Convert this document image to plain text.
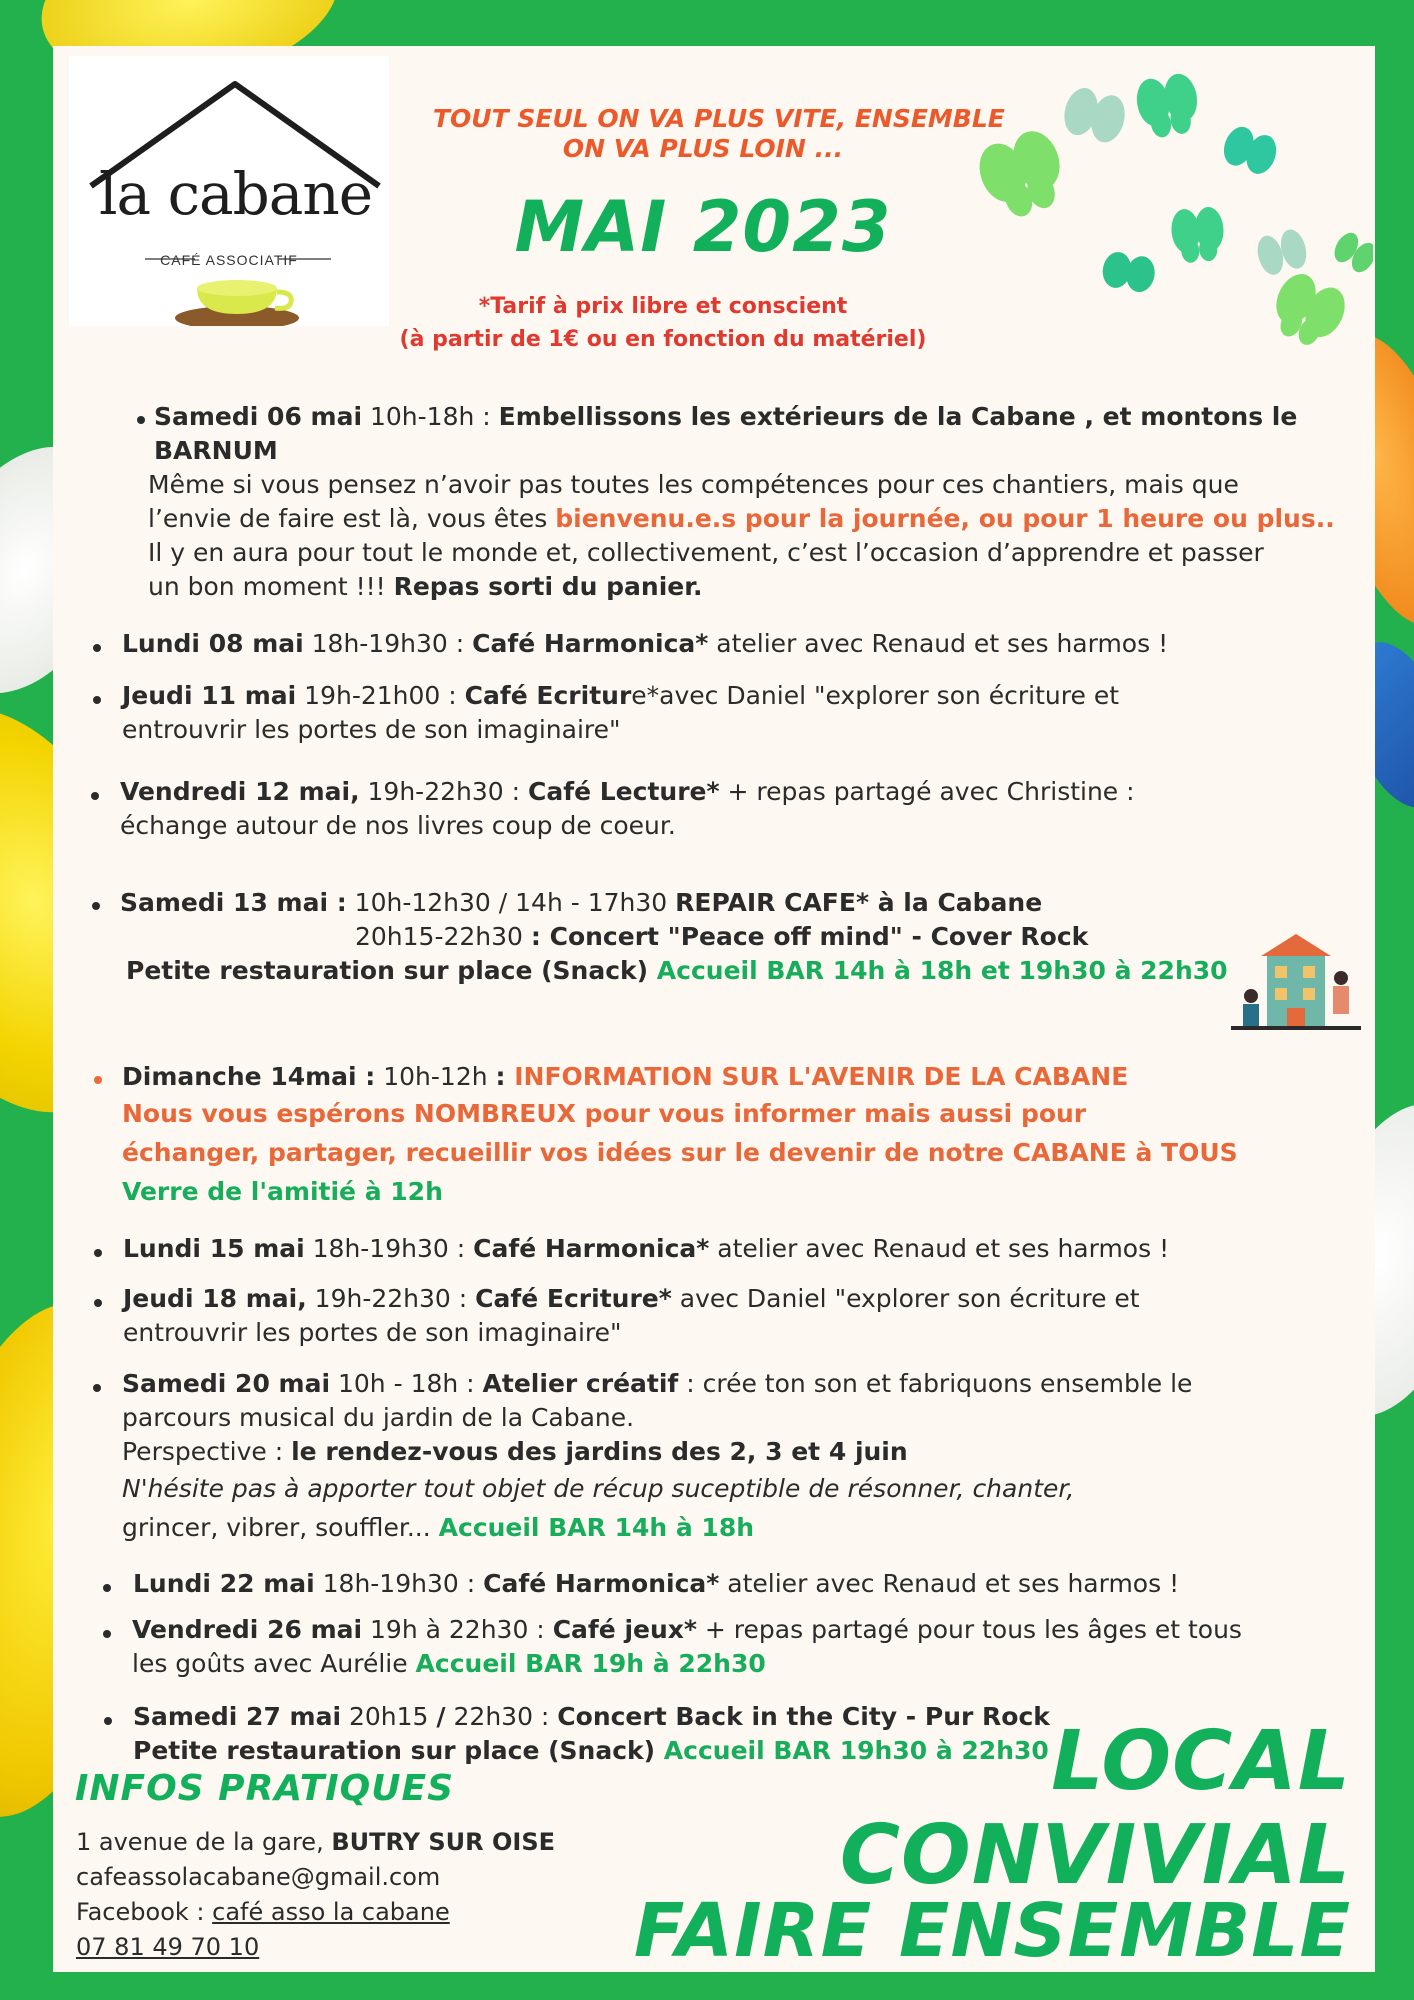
la cabane
CAFÉ ASSOCIATIF
TOUT SEUL ON VA PLUS VITE, ENSEMBLE
ON VA PLUS LOIN ...
MAI 2023
*Tarif à prix libre et conscient
(à partir de 1€ ou en fonction du matériel)
Samedi 06 mai 10h-18h : Embellissons les extérieurs de la Cabane , et montons le
BARNUM
Même si vous pensez n’avoir pas toutes les compétences pour ces chantiers, mais que
l’envie de faire est là, vous êtes bienvenu.e.s pour la journée, ou pour 1 heure ou plus..
Il y en aura pour tout le monde et, collectivement, c’est l’occasion d’apprendre et passer
un bon moment !!! Repas sorti du panier.
Lundi 08 mai 18h-19h30 : Café Harmonica* atelier avec Renaud et ses harmos !
Jeudi 11 mai 19h-21h00 : Café Ecriture*avec Daniel "explorer son écriture et
entrouvrir les portes de son imaginaire"
Vendredi 12 mai, 19h-22h30 : Café Lecture* + repas partagé avec Christine :
échange autour de nos livres coup de coeur.
Samedi 13 mai : 10h-12h30 / 14h - 17h30 REPAIR CAFE* à la Cabane
20h15-22h30 : Concert "Peace off mind" - Cover Rock
Petite restauration sur place (Snack) Accueil BAR 14h à 18h et 19h30 à 22h30
Dimanche 14mai : 10h-12h : INFORMATION SUR L'AVENIR DE LA CABANE
Nous vous espérons NOMBREUX pour vous informer mais aussi pour
échanger, partager, recueillir vos idées sur le devenir de notre CABANE à TOUS
Verre de l'amitié à 12h
Lundi 15 mai 18h-19h30 : Café Harmonica* atelier avec Renaud et ses harmos !
Jeudi 18 mai, 19h-22h30 : Café Ecriture* avec Daniel "explorer son écriture et
entrouvrir les portes de son imaginaire"
Samedi 20 mai 10h - 18h : Atelier créatif : crée ton son et fabriquons ensemble le
parcours musical du jardin de la Cabane.
Perspective : le rendez-vous des jardins des 2, 3 et 4 juin
N'hésite pas à apporter tout objet de récup suceptible de résonner, chanter,
grincer, vibrer, souffler... Accueil BAR 14h à 18h
Lundi 22 mai 18h-19h30 : Café Harmonica* atelier avec Renaud et ses harmos !
Vendredi 26 mai 19h à 22h30 : Café jeux* + repas partagé pour tous les âges et tous
les goûts avec Aurélie Accueil BAR 19h à 22h30
Samedi 27 mai 20h15 / 22h30 : Concert Back in the City - Pur Rock
Petite restauration sur place (Snack) Accueil BAR 19h30 à 22h30
INFOS PRATIQUES
1 avenue de la gare, BUTRY SUR OISE
cafeassolacabane@gmail.com
Facebook : café asso la cabane
07 81 49 70 10
LOCAL
CONVIVIAL
FAIRE ENSEMBLE
